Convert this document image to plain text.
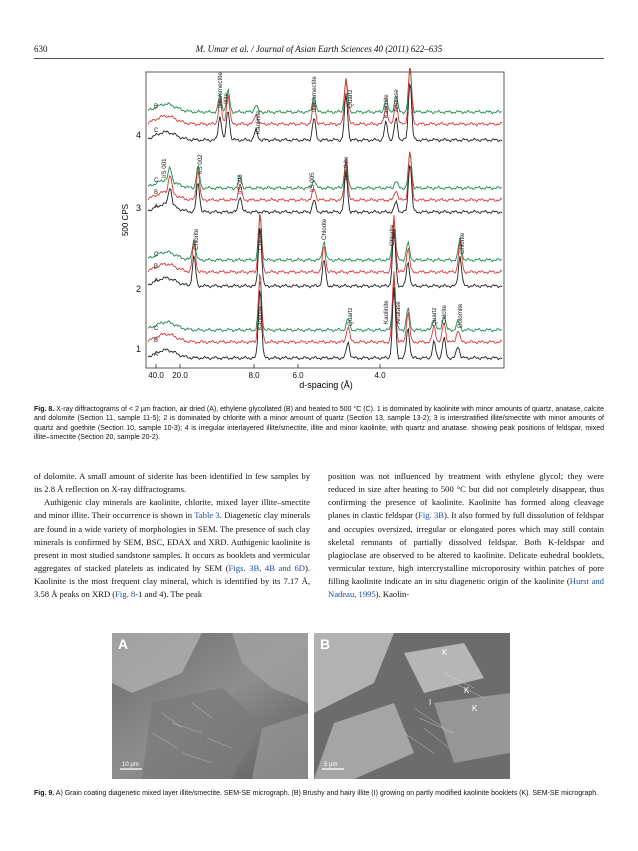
630	M. Umar et al. / Journal of Asian Earth Sciences 40 (2011) 622–635
Illite/smectite Illite
Kaolinite
Illite/smectite	Quartz	Kaolinite Anatase
I/S 001	I/S 002
I/S 003	I/S 005
Goethite
Chlorite	Chlorite	Chlorite	Chlorite	Chlorite
Kaolinite	Quartz	Kaolinite Anatase	Quartz Calcite Dolomite
B
C
C
B
A
C
B
A
C
B
A
4
3
2
1
40.0 20.0	8.0	6.0	4.0
d-spacing (Å)
500 CPS
Fig. 8. X-ray diffractograms of < 2 µm fraction, air dried (A), ethylene glycollated (B) and heated to 500 °C (C). 1 is dominated by kaolinite with minor amounts of quartz, anatase, calcite and dolomite (Section 11, sample 11-5); 2 is dominated by chlorite with a minor amount of quartz (Section 13, sample 13-2); 3 is interstratified illite/smectite with minor amounts of quartz and goethite (Section 10, sample 10-3); 4 is irregular interlayered illite/smectite, illite and minor kaolinite, with quartz and anatase. showing peak positions of feldspar, mixed illite–smectite (Section 20, sample 20-2).

of dolomite. A small amount of siderite has been identified in few samples by its 2.8 Å reflection on X-ray diffractograms.

Authigenic clay minerals are kaolinite, chlorite, mixed layer illite–smectite and minor illite. Their occurrence is shown in Table 3. Diagenetic clay minerals are found in a wide variety of morphologies in SEM. The presence of such clay minerals is confirmed by SEM, BSC, EDAX and XRD. Authigenic kaolinite is present in most studied sandstone samples. It occurs as booklets and vermicular aggregates of stacked platelets as indicated by SEM (Figs. 3B, 4B and 6D). Kaolinite is the most frequent clay mineral, which is identified by its 7.17 Å, 3.58 Å peaks on XRD (Fig. 8-1 and 4). The peak

position was not influenced by treatment with ethylene glycol; they were reduced in size after heating to 500 °C but did not completely disappear, thus confirming the presence of kaolinite. Kaolinite has formed along cleavage planes in clastic feldspar (Fig. 3B). It also formed by full dissolution of feldspar and occupies oversized, irregular or elongated pores which may still contain skeletal remnants of partially dissolved feldspar. Both K-feldspar and plagioclase are observed to be altered to kaolinite. Delicate euhedral booklets, vermicular texture, high intercrystalline microporosity within patches of pore filling kaolinite indicate an in situ diagenetic origin of the kaolinite (Hurst and Nadeau, 1995). Kaolin-

A
10 µm
B
K
K
I
K
5 µm
Fig. 9. A) Grain coating diagenetic mixed layer illite/smectite. SEM-SE micrograph. (B) Brushy and hairy illite (I) growing on partly modified kaolinite booklets (K). SEM-SE micrograph.
